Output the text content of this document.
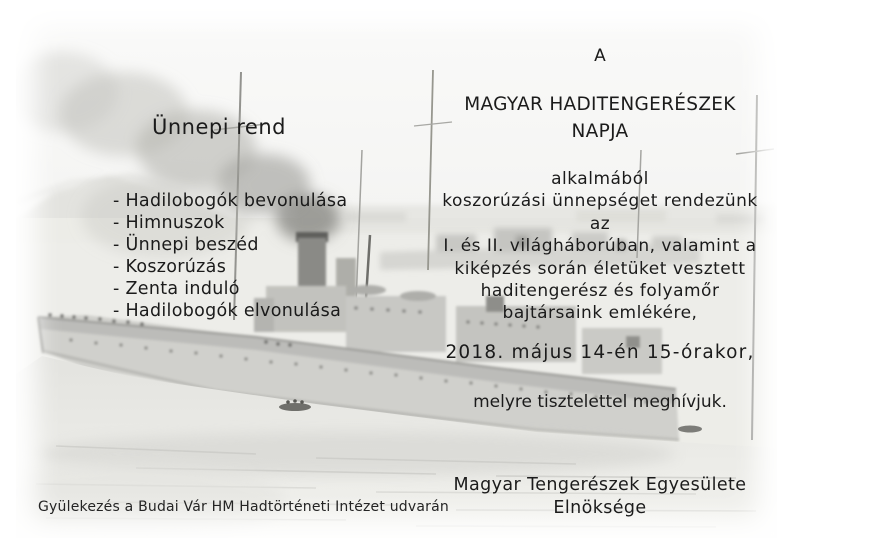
A
MAGYAR HADITENGERÉSZEK
NAPJA
Ünnepi rend
- Hadilobogók bevonulása
- Himnuszok
- Ünnepi beszéd
- Koszorúzás
- Zenta induló
- Hadilobogók elvonulása
alkalmából
koszorúzási ünnepséget rendezünk
az
I. és II. világháborúban, valamint a
kiképzés során életüket vesztett
haditengerész és folyamőr
bajtársaink emlékére,
2018. május 14-én 15-órakor,
melyre tisztelettel meghívjuk.
Magyar Tengerészek Egyesülete
Elnöksége
Gyülekezés a Budai Vár HM Hadtörténeti Intézet udvarán
